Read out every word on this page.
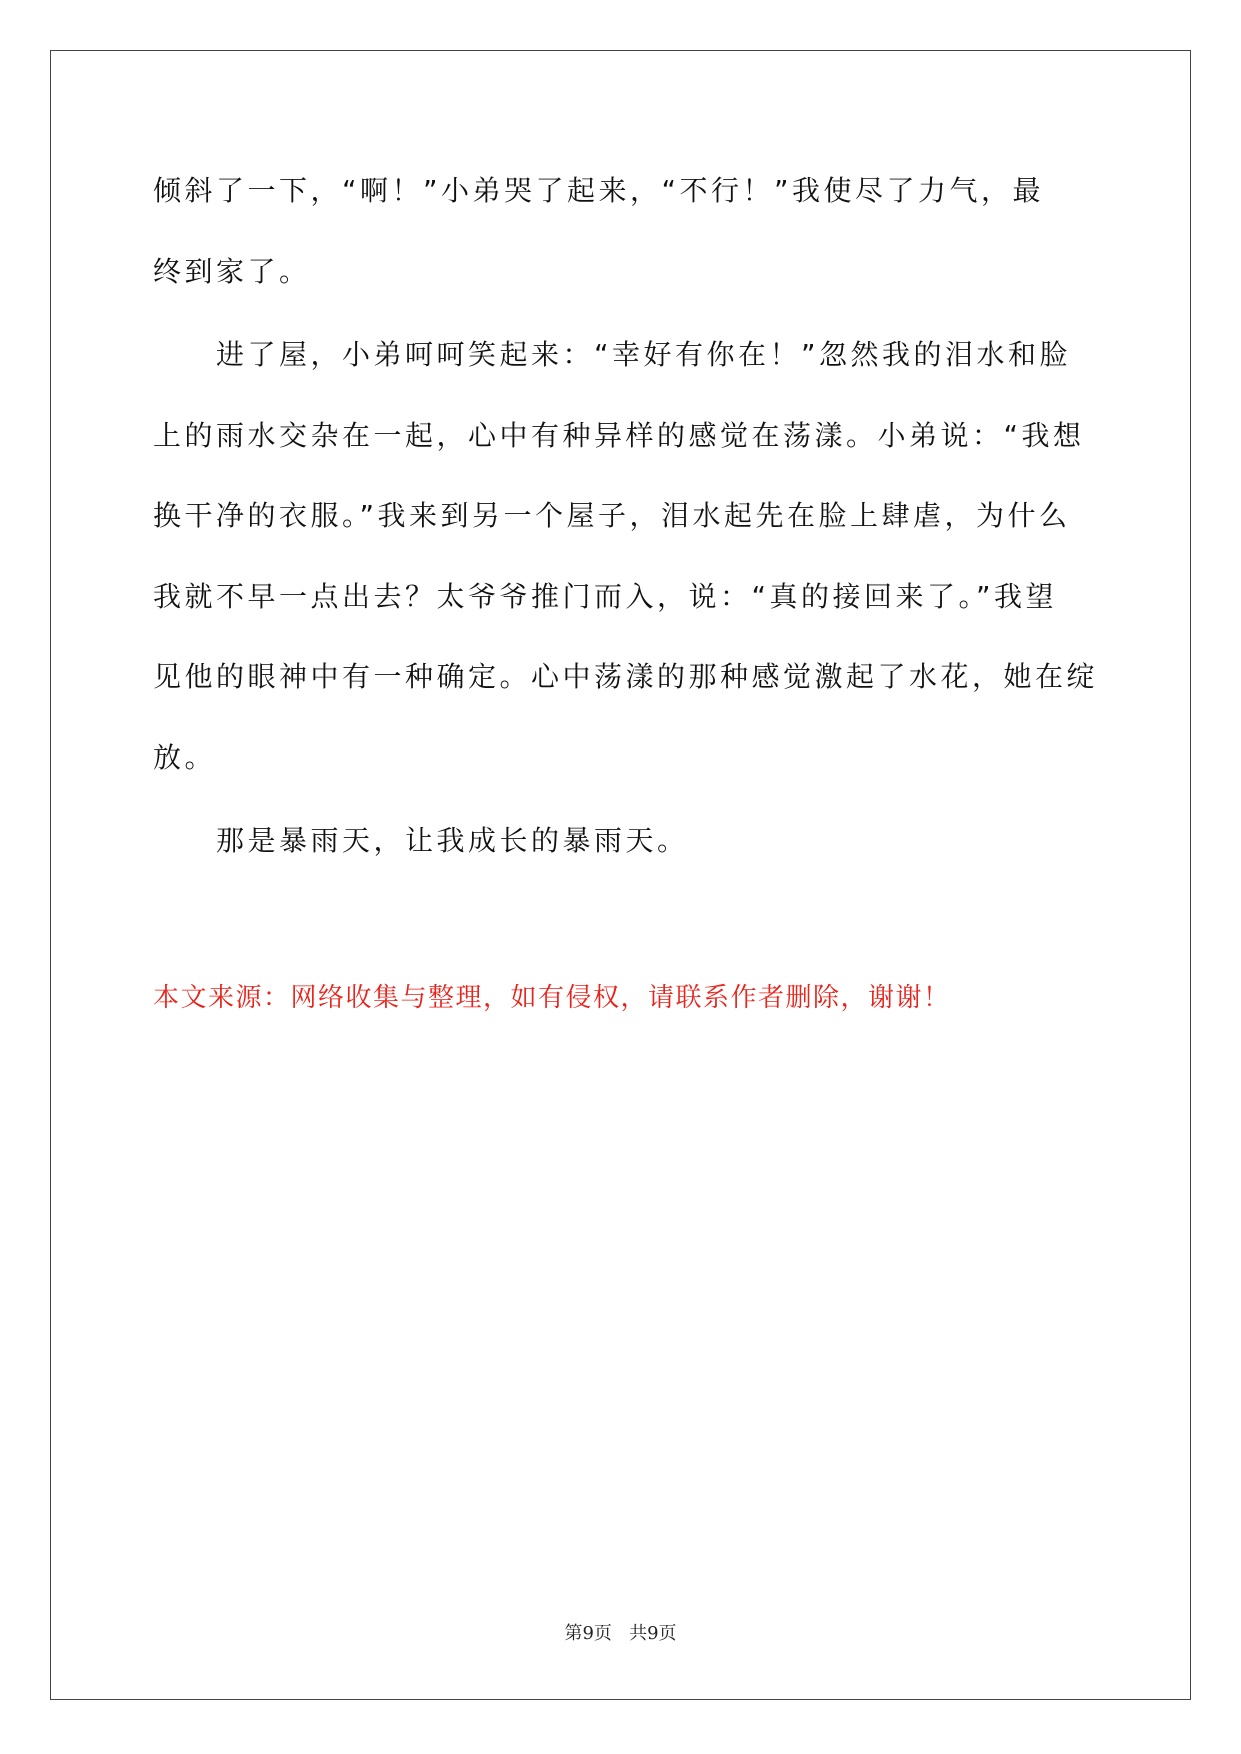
倾斜了一下，“啊！”小弟哭了起来，“不行！”我使尽了力气，最
终到家了。
进了屋，小弟呵呵笑起来：“幸好有你在！”忽然我的泪水和脸
上的雨水交杂在一起，心中有种异样的感觉在荡漾。小弟说：“我想
换干净的衣服。”我来到另一个屋子，泪水起先在脸上肆虐，为什么
我就不早一点出去？太爷爷推门而入，说：“真的接回来了。”我望
见他的眼神中有一种确定。心中荡漾的那种感觉激起了水花，她在绽
放。
那是暴雨天，让我成长的暴雨天。
本文来源：网络收集与整理，如有侵权，请联系作者删除，谢谢！
第9页 共9页
